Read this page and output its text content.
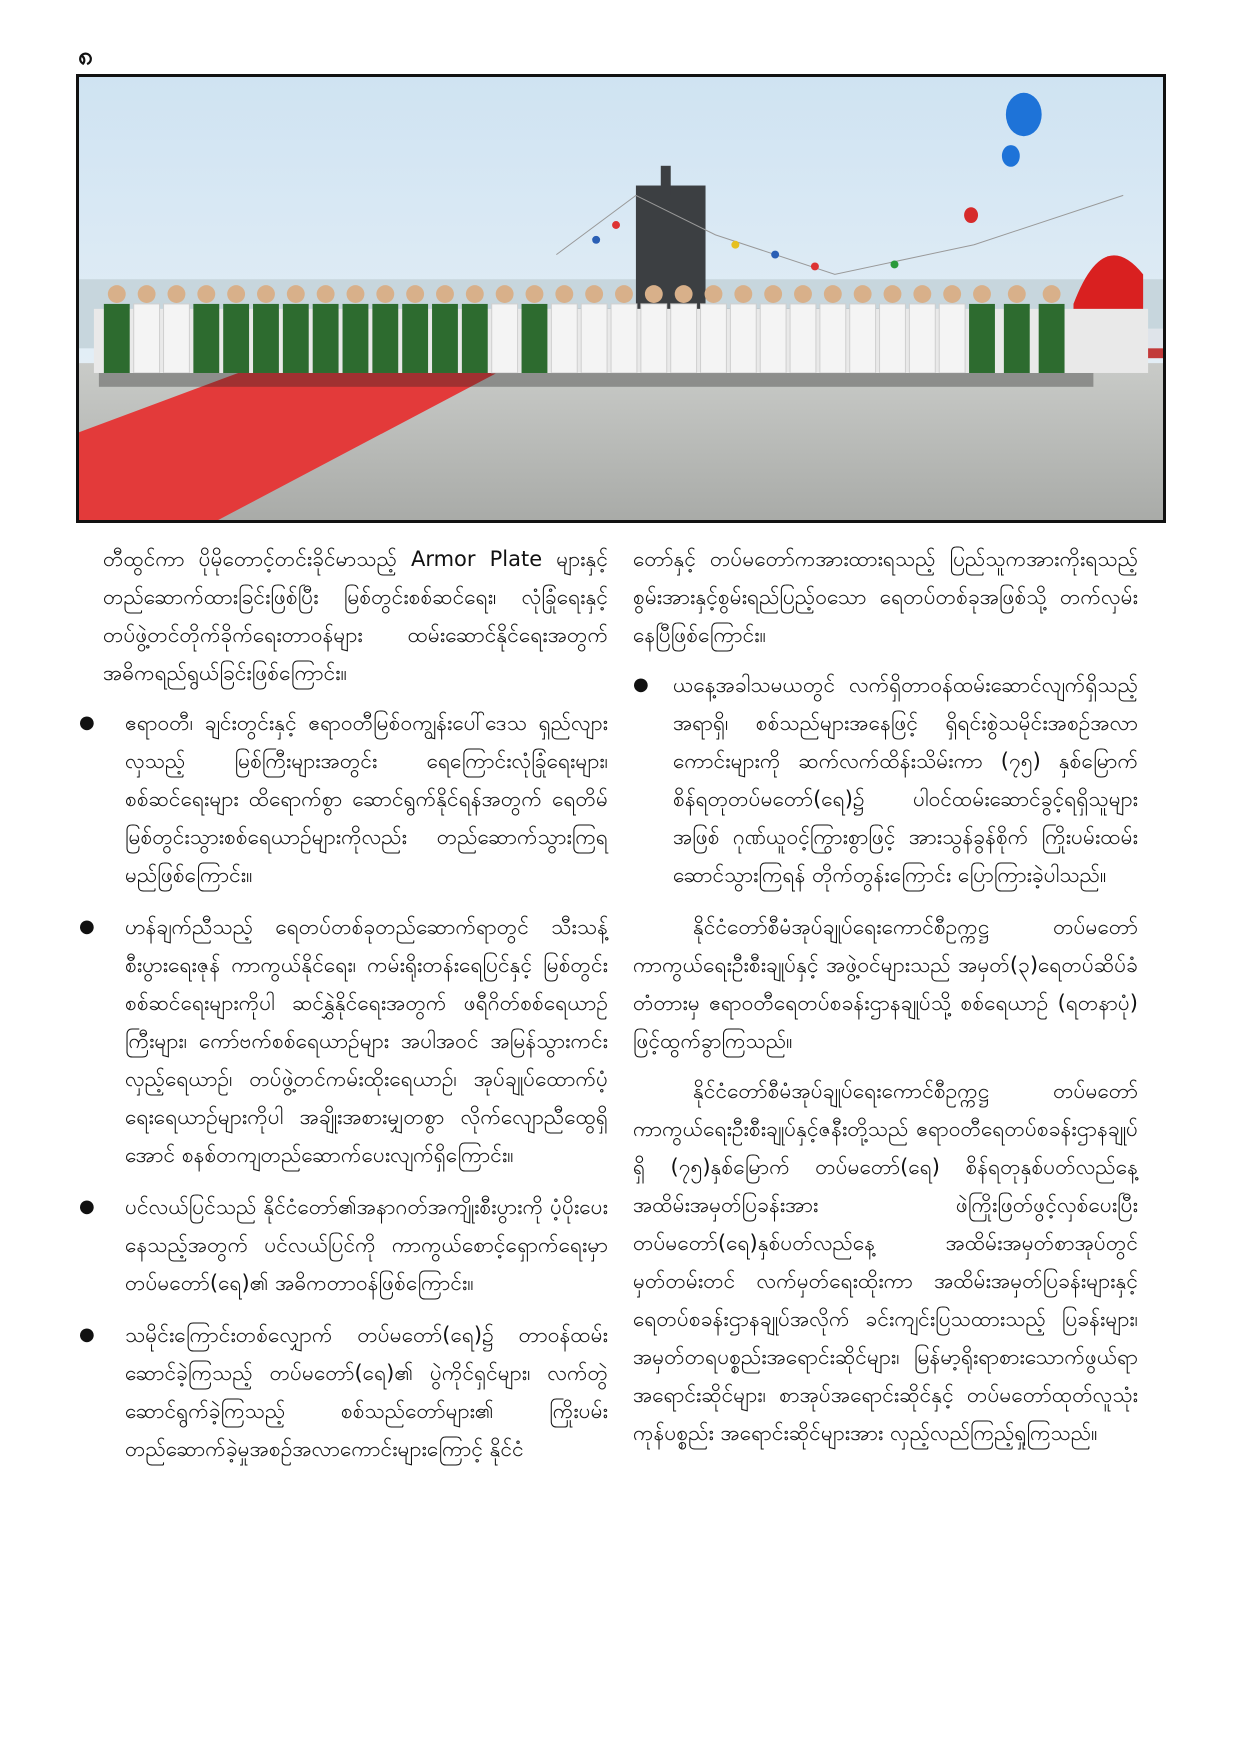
၈

တီထွင်ကာ ပိုမိုတောင့်တင်းခိုင်မာသည့် Armor Plate များနှင့် တည်ဆောက်ထားခြင်းဖြစ်ပြီး မြစ်တွင်းစစ်ဆင်ရေး၊ လုံခြုံရေးနှင့် တပ်ဖွဲ့တင်တိုက်ခိုက်ရေးတာဝန်များ ထမ်းဆောင်နိုင်ရေးအတွက် အဓိကရည်ရွယ်ခြင်းဖြစ်ကြောင်း။

● ဧရာဝတီ၊ ချင်းတွင်းနှင့် ဧရာဝတီမြစ်ဝကျွန်းပေါ်ဒေသ ရှည်လျားလှသည့် မြစ်ကြီးများအတွင်း ရေကြောင်းလုံခြုံရေးများ၊ စစ်ဆင်ရေးများ ထိရောက်စွာ ဆောင်ရွက်နိုင်ရန်အတွက် ရေတိမ်မြစ်တွင်းသွားစစ်ရေယာဉ်များကိုလည်း တည်ဆောက်သွားကြရမည်ဖြစ်ကြောင်း။
● ဟန်ချက်ညီသည့် ရေတပ်တစ်ခုတည်ဆောက်ရာတွင် သီးသန့်စီးပွားရေးဇုန် ကာကွယ်နိုင်ရေး၊ ကမ်းရိုးတန်းရေပြင်နှင့် မြစ်တွင်းစစ်ဆင်ရေးများကိုပါ ဆင်နွှဲနိုင်ရေးအတွက် ဖရီဂိတ်စစ်ရေယာဉ်ကြီးများ၊ ကော်ဗက်စစ်ရေယာဉ်များ အပါအဝင် အမြန်သွားကင်းလှည့်ရေယာဉ်၊ တပ်ဖွဲ့တင်ကမ်းထိုးရေယာဉ်၊ အုပ်ချုပ်ထောက်ပံ့ရေးရေယာဉ်များကိုပါ အချိုးအစားမျှတစွာ လိုက်လျောညီထွေရှိအောင် စနစ်တကျတည်ဆောက်ပေးလျက်ရှိကြောင်း။
● ပင်လယ်ပြင်သည် နိုင်ငံတော်၏အနာဂတ်အကျိုးစီးပွားကို ပံ့ပိုးပေးနေသည့်အတွက် ပင်လယ်ပြင်ကို ကာကွယ်စောင့်ရှောက်ရေးမှာ တပ်မတော်(ရေ)၏ အဓိကတာဝန်ဖြစ်ကြောင်း။
● သမိုင်းကြောင်းတစ်လျှောက် တပ်မတော်(ရေ)၌ တာဝန်ထမ်းဆောင်ခဲ့ကြသည့် တပ်မတော်(ရေ)၏ ပွဲကိုင်ရှင်များ၊ လက်တွဲဆောင်ရွက်ခဲ့ကြသည့် စစ်သည်တော်များ၏ ကြိုးပမ်းတည်ဆောက်ခဲ့မှုအစဉ်အလာကောင်းများကြောင့် နိုင်ငံ

တော်နှင့် တပ်မတော်ကအားထားရသည့် ပြည်သူကအားကိုးရသည့် စွမ်းအားနှင့်စွမ်းရည်ပြည့်ဝသော ရေတပ်တစ်ခုအဖြစ်သို့ တက်လှမ်းနေပြီဖြစ်ကြောင်း။

● ယနေ့အခါသမယတွင် လက်ရှိတာဝန်ထမ်းဆောင်လျက်ရှိသည့် အရာရှိ၊ စစ်သည်များအနေဖြင့် ရှိရင်းစွဲသမိုင်းအစဉ်အလာကောင်းများကို ဆက်လက်ထိန်းသိမ်းကာ (၇၅) နှစ်မြောက် စိန်ရတုတပ်မတော်(ရေ)၌ ပါဝင်ထမ်းဆောင်ခွင့်ရရှိသူများအဖြစ် ဂုဏ်ယူဝင့်ကြွားစွာဖြင့် အားသွန်ခွန်စိုက် ကြိုးပမ်းထမ်းဆောင်သွားကြရန် တိုက်တွန်းကြောင်း ပြောကြားခဲ့ပါသည်။

နိုင်ငံတော်စီမံအုပ်ချုပ်ရေးကောင်စီဥက္ကဋ္ဌ တပ်မတော်ကာကွယ်ရေးဦးစီးချုပ်နှင့် အဖွဲ့ဝင်များသည် အမှတ်(၃)ရေတပ်ဆိပ်ခံတံတားမှ ဧရာဝတီရေတပ်စခန်းဌာနချုပ်သို့ စစ်ရေယာဉ် (ရတနာပုံ) ဖြင့်ထွက်ခွာကြသည်။

နိုင်ငံတော်စီမံအုပ်ချုပ်ရေးကောင်စီဥက္ကဋ္ဌ တပ်မတော်ကာကွယ်ရေးဦးစီးချုပ်နှင့်ဇနီးတို့သည် ဧရာဝတီရေတပ်စခန်းဌာနချုပ်ရှိ (၇၅)နှစ်မြောက် တပ်မတော်(ရေ) စိန်ရတုနှစ်ပတ်လည်နေ့အထိမ်းအမှတ်ပြခန်းအား ဖဲကြိုးဖြတ်ဖွင့်လှစ်ပေးပြီး တပ်မတော်(ရေ)နှစ်ပတ်လည်နေ့ အထိမ်းအမှတ်စာအုပ်တွင် မှတ်တမ်းတင် လက်မှတ်ရေးထိုးကာ အထိမ်းအမှတ်ပြခန်းများနှင့် ရေတပ်စခန်းဌာနချုပ်အလိုက် ခင်းကျင်းပြသထားသည့် ပြခန်းများ၊ အမှတ်တရပစ္စည်းအရောင်းဆိုင်များ၊ မြန်မာ့ရိုးရာစားသောက်ဖွယ်ရာအရောင်းဆိုင်များ၊ စာအုပ်အရောင်းဆိုင်နှင့် တပ်မတော်ထုတ်လူသုံးကုန်ပစ္စည်း အရောင်းဆိုင်များအား လှည့်လည်ကြည့်ရှုကြသည်။
